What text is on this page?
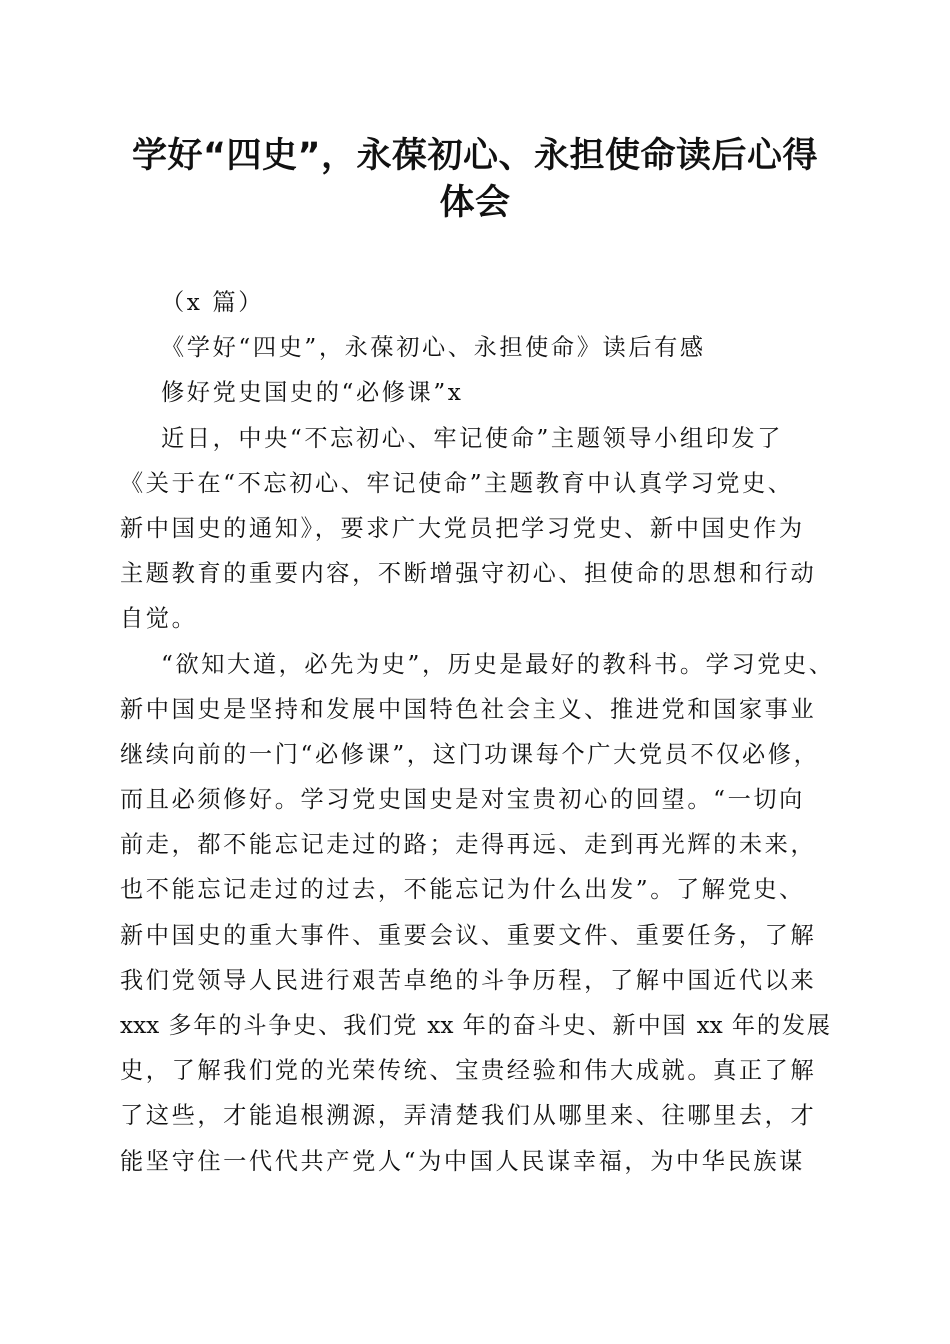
学好“四史”，永葆初心、永担使命读后心得
体会
（x 篇）
《学好“四史”，永葆初心、永担使命》读后有感
修好党史国史的“必修课”x
近日，中央“不忘初心、牢记使命”主题领导小组印发了
《关于在“不忘初心、牢记使命”主题教育中认真学习党史、
新中国史的通知》，要求广大党员把学习党史、新中国史作为
主题教育的重要内容，不断增强守初心、担使命的思想和行动
自觉。
“欲知大道，必先为史”，历史是最好的教科书。学习党史、
新中国史是坚持和发展中国特色社会主义、推进党和国家事业
继续向前的一门“必修课”，这门功课每个广大党员不仅必修，
而且必须修好。学习党史国史是对宝贵初心的回望。“一切向
前走，都不能忘记走过的路；走得再远、走到再光辉的未来，
也不能忘记走过的过去，不能忘记为什么出发”。了解党史、
新中国史的重大事件、重要会议、重要文件、重要任务，了解
我们党领导人民进行艰苦卓绝的斗争历程，了解中国近代以来
xxx 多年的斗争史、我们党 xx 年的奋斗史、新中国 xx 年的发展
史，了解我们党的光荣传统、宝贵经验和伟大成就。真正了解
了这些，才能追根溯源，弄清楚我们从哪里来、往哪里去，才
能坚守住一代代共产党人“为中国人民谋幸福，为中华民族谋
